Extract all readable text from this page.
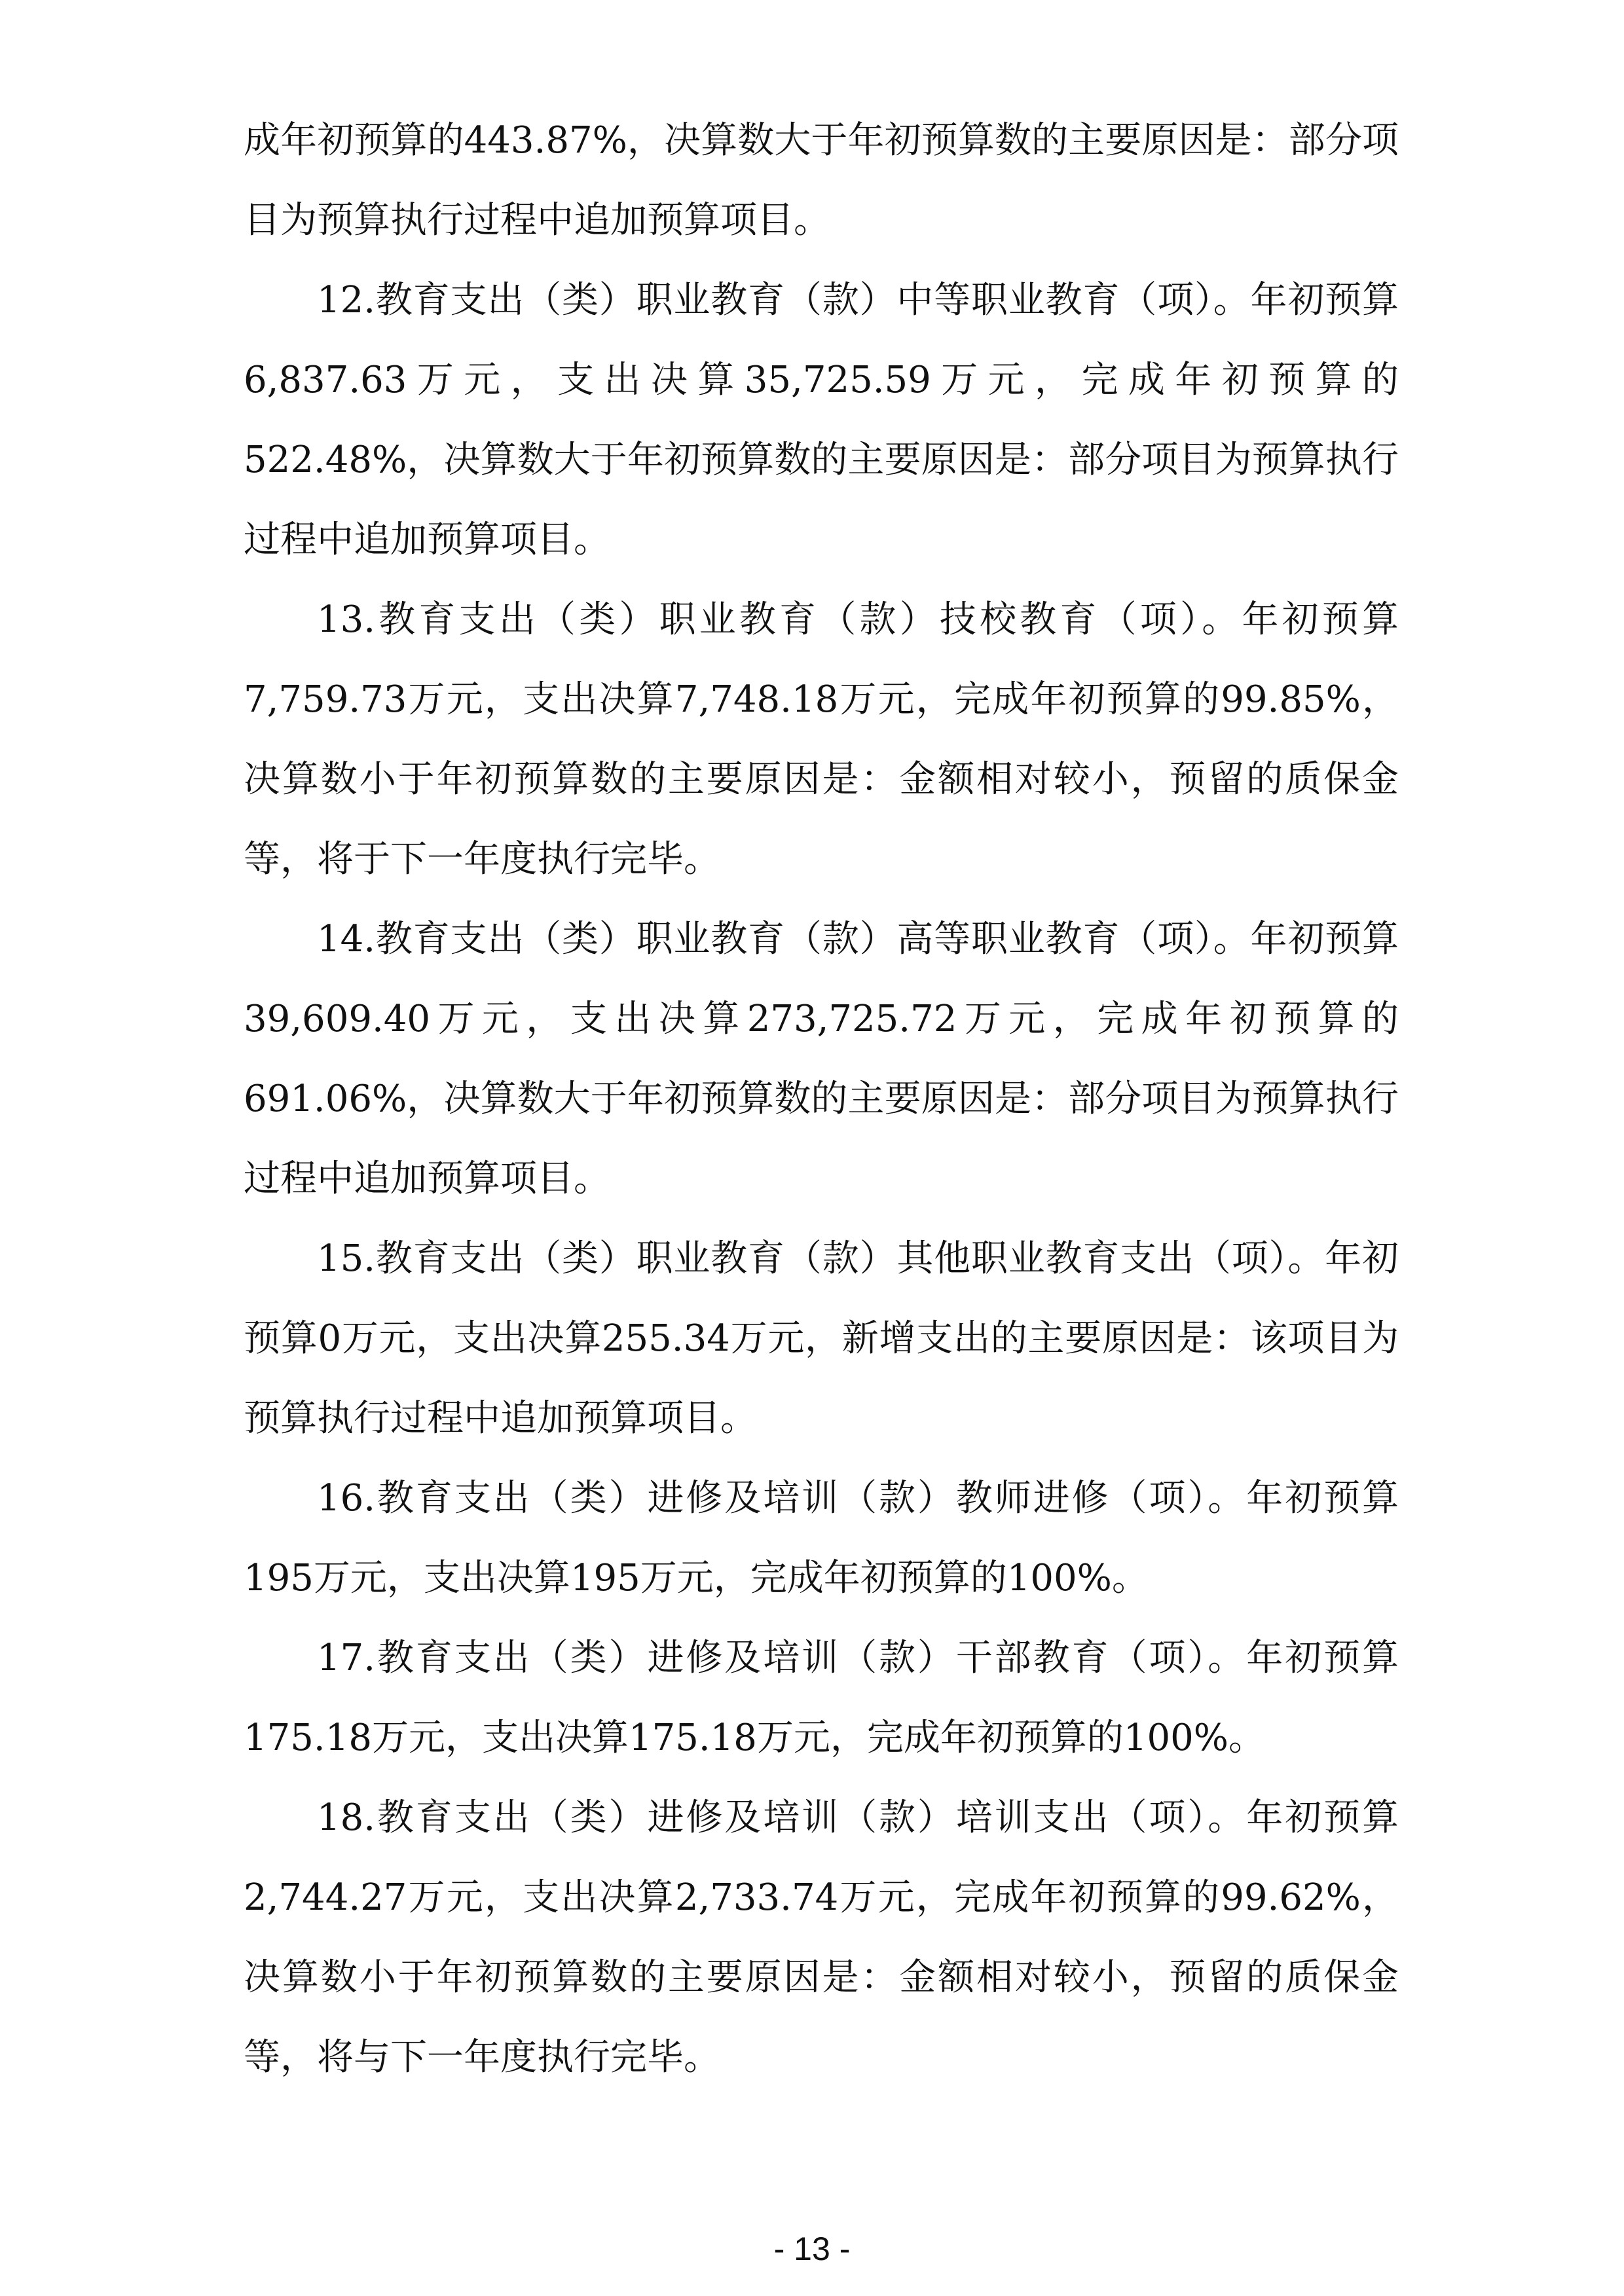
成年初预算的443.87%，决算数大于年初预算数的主要原因是：部分项目为预算执行过程中追加预算项目。

12.教育支出（类）职业教育（款）中等职业教育（项）。年初预算6,837.63万元，支出决算35,725.59万元，完成年初预算的522.48%，决算数大于年初预算数的主要原因是：部分项目为预算执行过程中追加预算项目。

13.教育支出（类）职业教育（款）技校教育（项）。年初预算7,759.73万元，支出决算7,748.18万元，完成年初预算的99.85%，决算数小于年初预算数的主要原因是：金额相对较小，预留的质保金等，将于下一年度执行完毕。

14.教育支出（类）职业教育（款）高等职业教育（项）。年初预算39,609.40万元，支出决算273,725.72万元，完成年初预算的691.06%，决算数大于年初预算数的主要原因是：部分项目为预算执行过程中追加预算项目。

15.教育支出（类）职业教育（款）其他职业教育支出（项）。年初预算0万元，支出决算255.34万元，新增支出的主要原因是：该项目为预算执行过程中追加预算项目。

16.教育支出（类）进修及培训（款）教师进修（项）。年初预算195万元，支出决算195万元，完成年初预算的100%。

17.教育支出（类）进修及培训（款）干部教育（项）。年初预算175.18万元，支出决算175.18万元，完成年初预算的100%。

18.教育支出（类）进修及培训（款）培训支出（项）。年初预算2,744.27万元，支出决算2,733.74万元，完成年初预算的99.62%，决算数小于年初预算数的主要原因是：金额相对较小，预留的质保金等，将与下一年度执行完毕。

- 13 -
